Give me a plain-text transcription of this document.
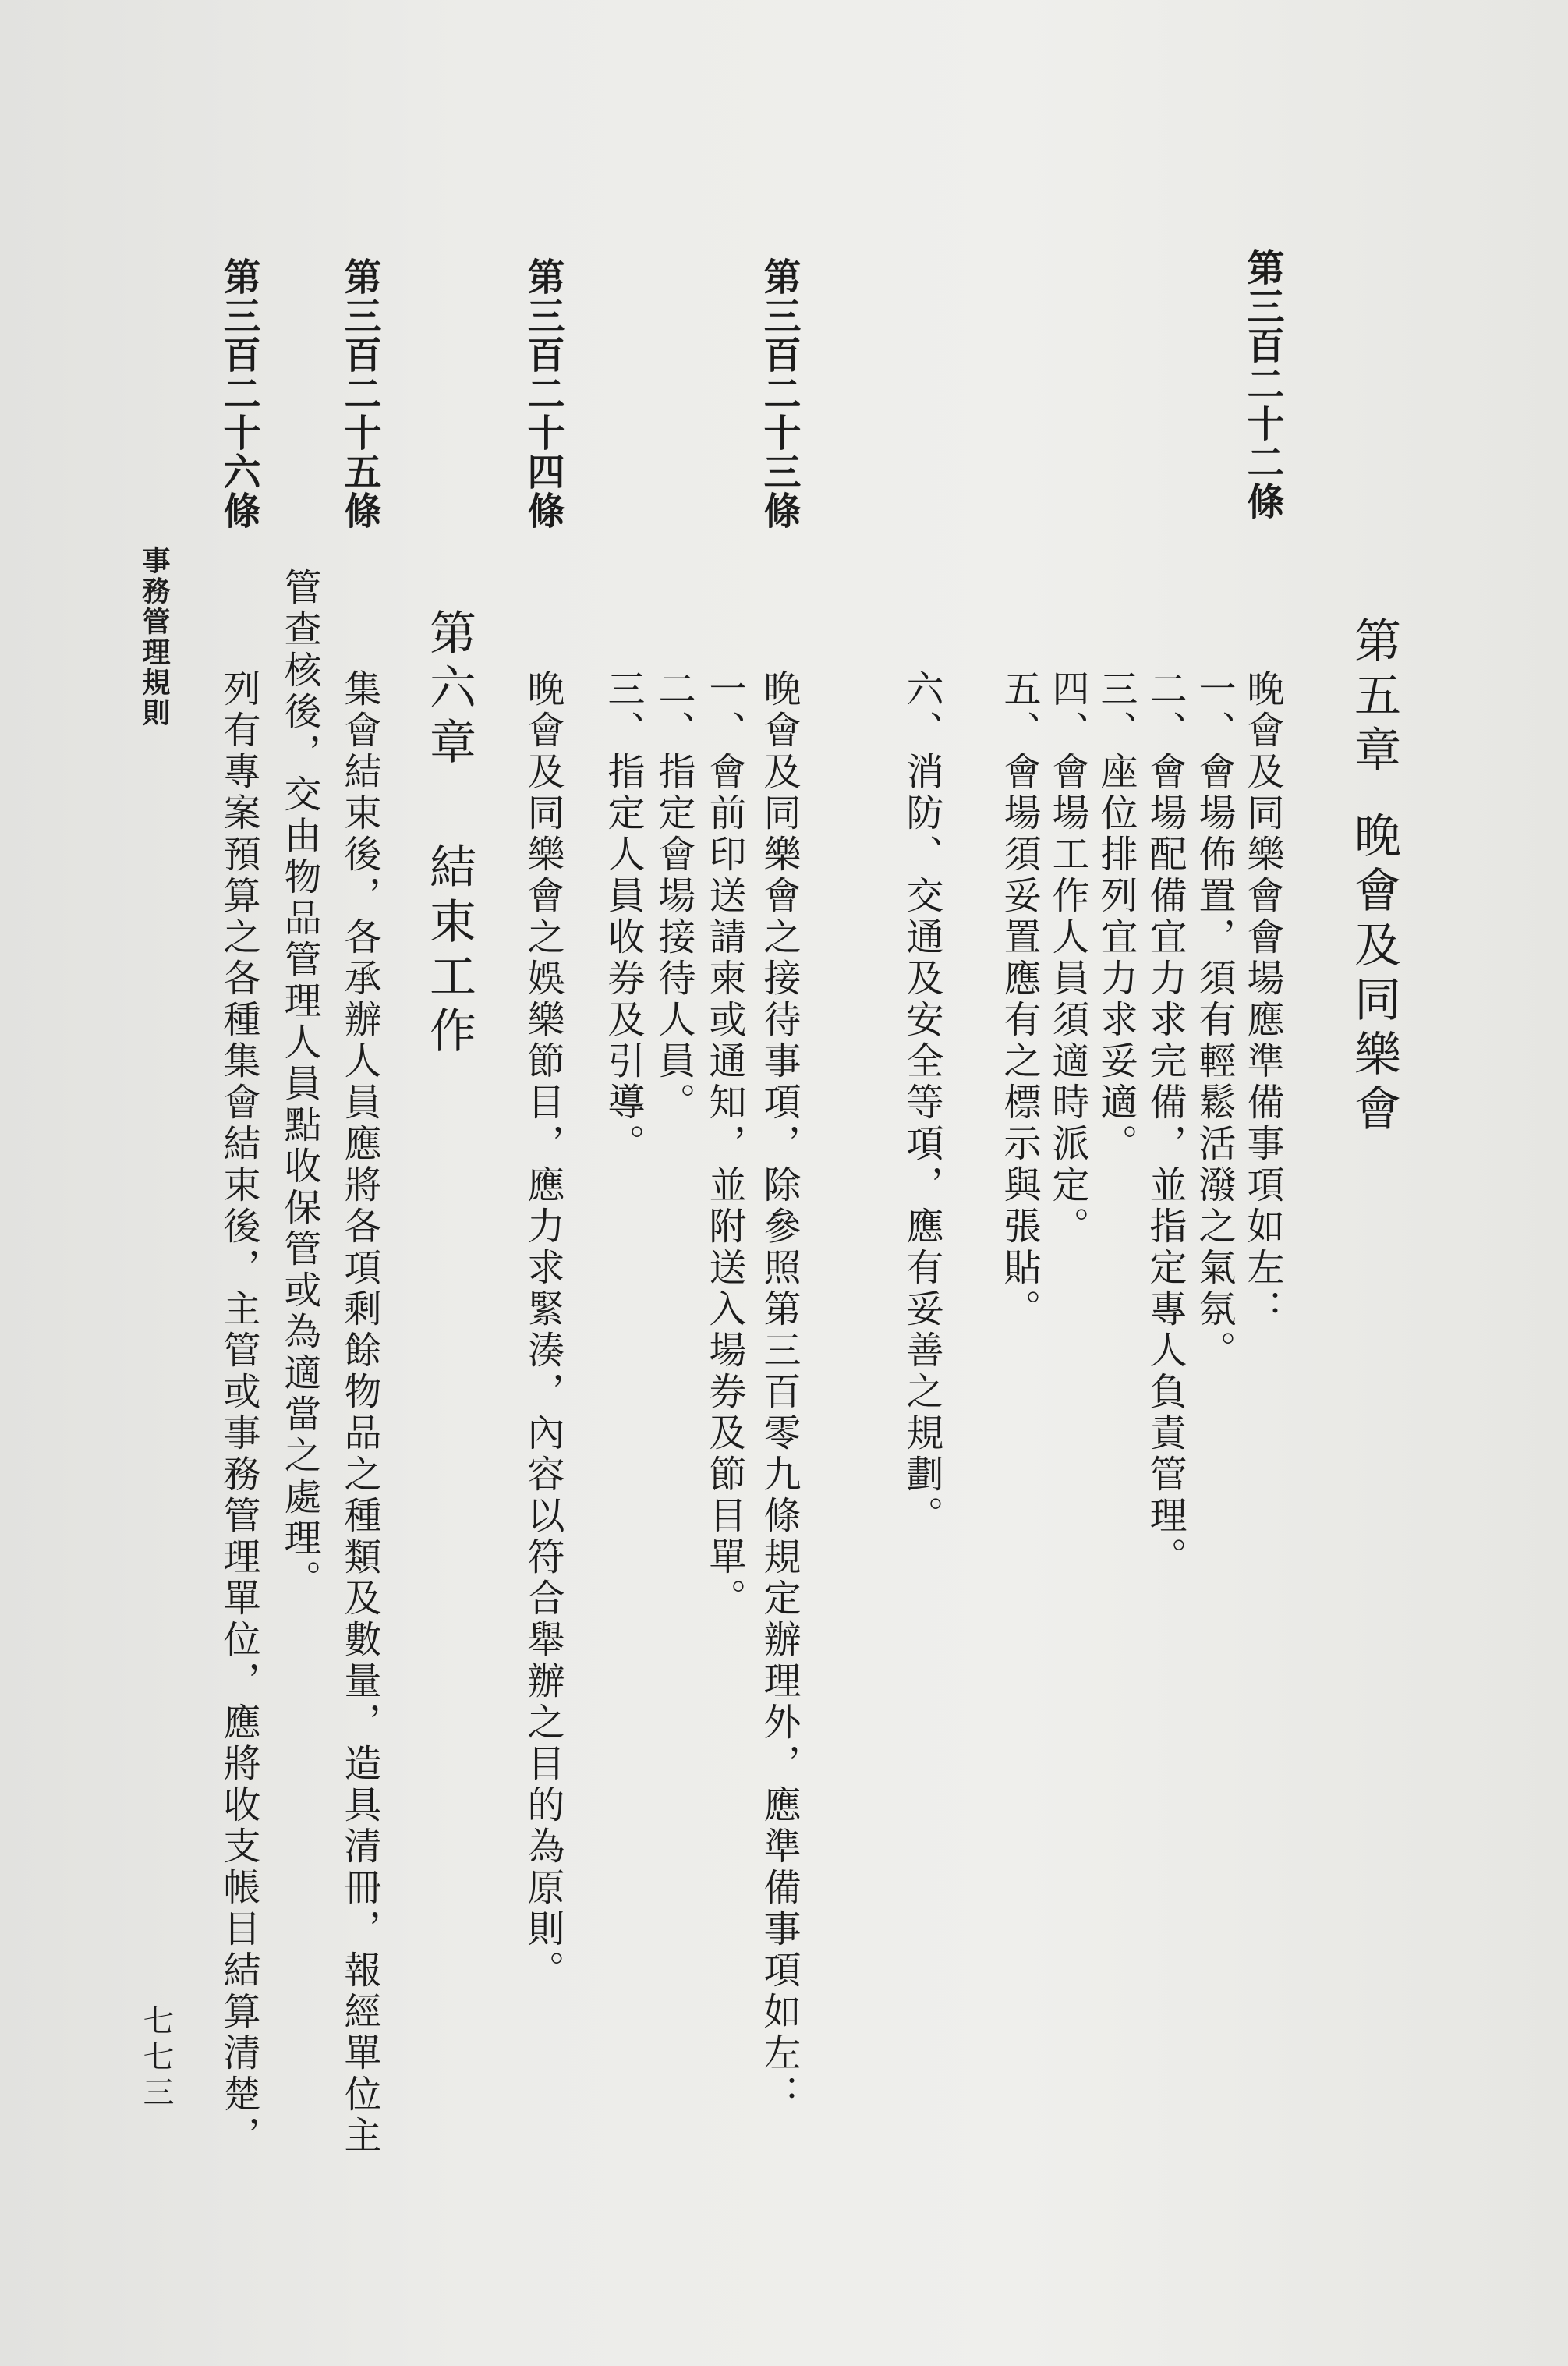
第五章晚會及同樂會
第三百二十二條
晚會及同樂會會場應準備事項如左：
一、會場佈置，須有輕鬆活潑之氣氛。
二、會場配備宜力求完備，並指定專人負責管理。
三、座位排列宜力求妥適。
四、會場工作人員須適時派定。
五、會場須妥置應有之標示與張貼。
六、消防、交通及安全等項，應有妥善之規劃。
第三百二十三條
晚會及同樂會之接待事項，除參照第三百零九條規定辦理外，應準備事項如左：
一、會前印送請柬或通知，並附送入場券及節目單。
二、指定會場接待人員。
三、指定人員收券及引導。
第三百二十四條
晚會及同樂會之娛樂節目，應力求緊湊，內容以符合舉辦之目的為原則。
第六章結束工作
第三百二十五條
集會結束後，各承辦人員應將各項剩餘物品之種類及數量，造具清冊，報經單位主
管查核後，交由物品管理人員點收保管或為適當之處理。
第三百二十六條
列有專案預算之各種集會結束後，主管或事務管理單位，應將收支帳目結算清楚，
事務管理規則
七七三
